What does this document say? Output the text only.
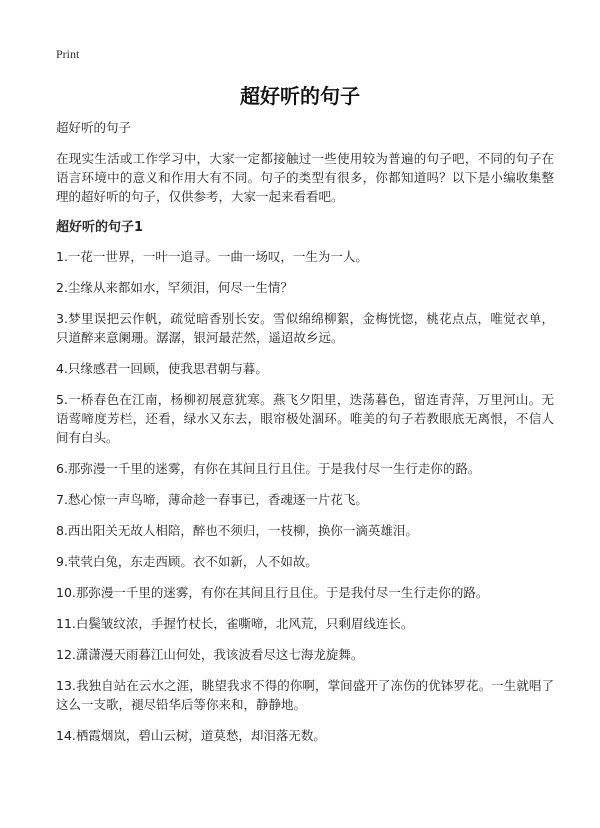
Print
超好听的句子

超好听的句子

在现实生活或工作学习中，大家一定都接触过一些使用较为普遍的句子吧，不同的句子在语言环境中的意义和作用大有不同。句子的类型有很多，你都知道吗？以下是小编收集整理的超好听的句子，仅供参考，大家一起来看看吧。

超好听的句子1

1.一花一世界，一叶一追寻。一曲一场叹，一生为一人。
2.尘缘从来都如水，罕须泪，何尽一生情？
3.梦里误把云作帆，疏觉暗香别长安。雪似绵绵柳絮，金梅恍惚，桃花点点，唯觉衣单，只道醉来意阑珊。潺潺，银河最茫然，遥迢故乡远。
4.只缘感君一回顾，使我思君朝与暮。
5.一桥春色在江南，杨柳初展意犹寒。燕飞夕阳里，迭荡暮色，留连青萍，万里河山。无语莺啼度芳栏，还看，绿水又东去，眼帘极处涸环。唯美的句子若教眼底无离恨，不信人间有白头。
6.那弥漫一千里的迷雾，有你在其间且行且住。于是我付尽一生行走你的路。
7.愁心惊一声鸟啼，薄命趁一春事已，香魂逐一片花飞。
8.西出阳关无故人相陪，醉也不须归，一枝柳，换你一滴英雄泪。
9.茕茕白兔，东走西顾。衣不如新，人不如故。
10.那弥漫一千里的迷雾，有你在其间且行且住。于是我付尽一生行走你的路。
11.白鬓皱纹浓，手握竹杖长，雀嘶啼，北风荒，只剩眉线连长。
12.潇潇漫天雨暮江山何处，我该波看尽这七海龙旋舞。
13.我独自站在云水之涯，眺望我求不得的你啊，掌间盛开了冻伤的优钵罗花。一生就唱了这么一支歌，褪尽铅华后等你来和，静静地。
14.栖霞烟岚，碧山云树，道莫愁，却泪落无数。
